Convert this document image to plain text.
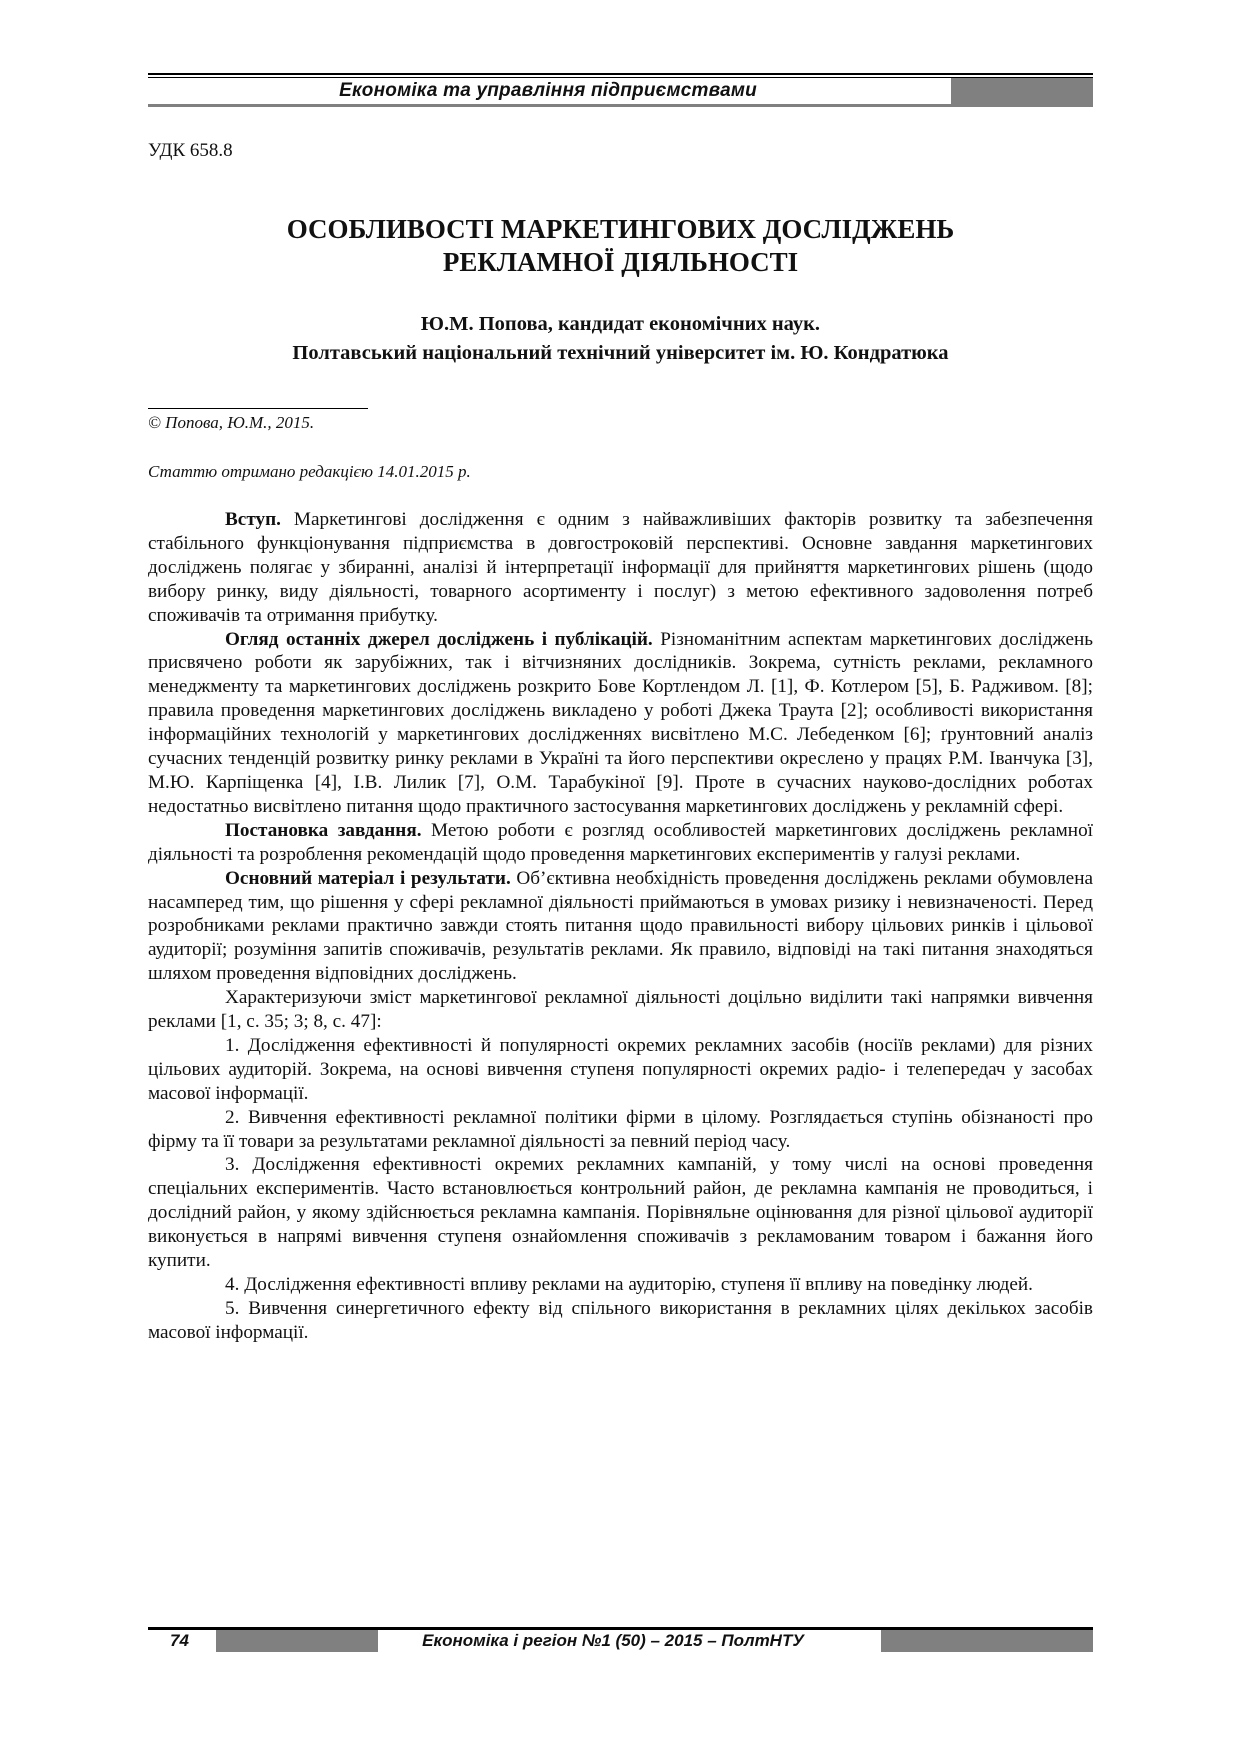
Економіка та управління підприємствами
УДК 658.8
ОСОБЛИВОСТІ МАРКЕТИНГОВИХ ДОСЛІДЖЕНЬ
РЕКЛАМНОЇ ДІЯЛЬНОСТІ
Ю.М. Попова, кандидат економічних наук.
Полтавський національний технічний університет ім. Ю. Кондратюка
© Попова, Ю.М., 2015.
Статтю отримано редакцією 14.01.2015 р.

Вступ. Маркетингові дослідження є одним з найважливіших факторів розвитку та забезпечення стабільного функціонування підприємства в довгостроковій перспективі. Основне завдання маркетингових досліджень полягає у збиранні, аналізі й інтерпретації інформації для прийняття маркетингових рішень (щодо вибору ринку, виду діяльності, товарного асортименту і послуг) з метою ефективного задоволення потреб споживачів та отримання прибутку.

Огляд останніх джерел досліджень і публікацій. Різноманітним аспектам маркетингових досліджень присвячено роботи як зарубіжних, так і вітчизняних дослідників. Зокрема, сутність реклами, рекламного менеджменту та маркетингових досліджень розкрито Бове Кортлендом Л. [1], Ф. Котлером [5], Б. Радживом. [8]; правила проведення маркетингових досліджень викладено у роботі Джека Траута [2]; особливості використання інформаційних технологій у маркетингових дослідженнях висвітлено М.С. Лебеденком [6]; ґрунтовний аналіз сучасних тенденцій розвитку ринку реклами в Україні та його перспективи окреслено у працях Р.М. Іванчука [3], М.Ю. Карпіщенка [4], І.В. Лилик [7], О.М. Тарабукіної [9]. Проте в сучасних науково-дослідних роботах недостатньо висвітлено питання щодо практичного застосування маркетингових досліджень у рекламній сфері.

Постановка завдання. Метою роботи є розгляд особливостей маркетингових досліджень рекламної діяльності та розроблення рекомендацій щодо проведення маркетингових експериментів у галузі реклами.

Основний матеріал і результати. Об’єктивна необхідність проведення досліджень реклами обумовлена насамперед тим, що рішення у сфері рекламної діяльності приймаються в умовах ризику і невизначеності. Перед розробниками реклами практично завжди стоять питання щодо правильності вибору цільових ринків і цільової аудиторії; розуміння запитів споживачів, результатів реклами. Як правило, відповіді на такі питання знаходяться шляхом проведення відповідних досліджень.

Характеризуючи зміст маркетингової рекламної діяльності доцільно виділити такі напрямки вивчення реклами [1, с. 35; 3; 8, с. 47]:

1. Дослідження ефективності й популярності окремих рекламних засобів (носіїв реклами) для різних цільових аудиторій. Зокрема, на основі вивчення ступеня популярності окремих радіо- і телепередач у засобах масової інформації.

2. Вивчення ефективності рекламної політики фірми в цілому. Розглядається ступінь обізнаності про фірму та її товари за результатами рекламної діяльності за певний період часу.

3. Дослідження ефективності окремих рекламних кампаній, у тому числі на основі проведення спеціальних експериментів. Часто встановлюється контрольний район, де рекламна кампанія не проводиться, і дослідний район, у якому здійснюється рекламна кампанія. Порівняльне оцінювання для різної цільової аудиторії виконується в напрямі вивчення ступеня ознайомлення споживачів з рекламованим товаром і бажання його купити.

4. Дослідження ефективності впливу реклами на аудиторію, ступеня її впливу на поведінку людей.

5. Вивчення синергетичного ефекту від спільного використання в рекламних цілях декількох засобів масової інформації.

74	Економіка і регіон №1 (50) – 2015 – ПолтНТУ
